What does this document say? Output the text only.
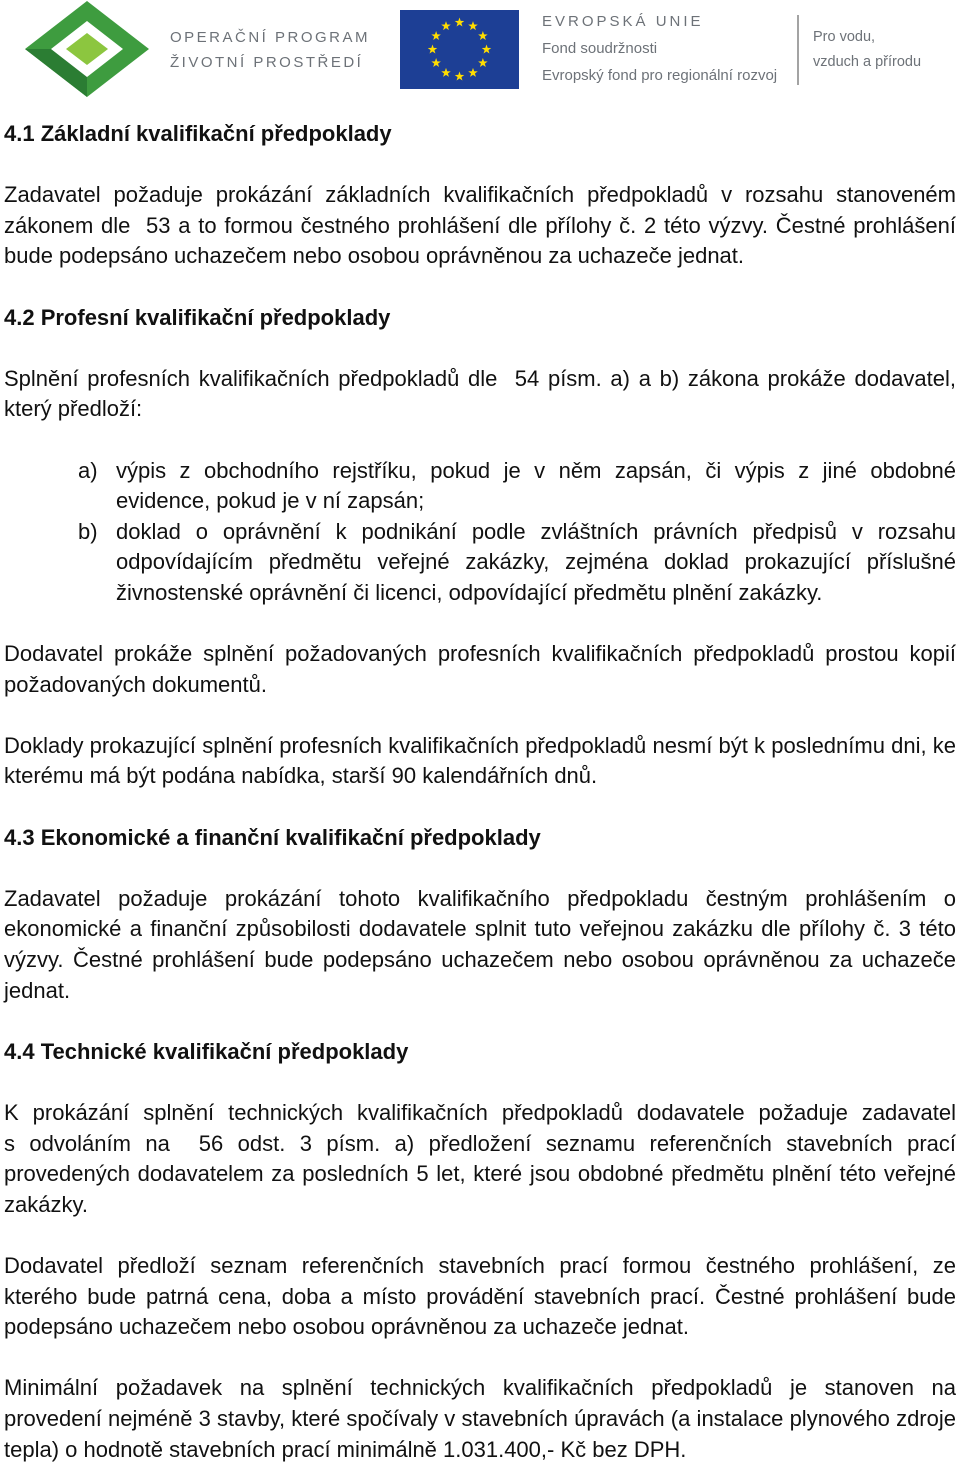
OPERAČNÍ PROGRAM
ŽIVOTNÍ PROSTŘEDÍ
EVROPSKÁ UNIE
Fond soudržnosti
Evropský fond pro regionální rozvoj
Pro vodu,
vzduch a přírodu
4.1 Základní kvalifikační předpoklady

Zadavatel požaduje prokázání základních kvalifikačních předpokladů v rozsahu stanoveném zákonem dle  53 a to formou čestného prohlášení dle přílohy č. 2 této výzvy. Čestné prohlášení bude podepsáno uchazečem nebo osobou oprávněnou za uchazeče jednat.

4.2 Profesní kvalifikační předpoklady

Splnění profesních kvalifikačních předpokladů dle  54 písm. a) a b) zákona prokáže dodavatel, který předloží:

a) výpis z obchodního rejstříku, pokud je v něm zapsán, či výpis z jiné obdobné evidence, pokud je v ní zapsán;
b) doklad o oprávnění k podnikání podle zvláštních právních předpisů v rozsahu odpovídajícím předmětu veřejné zakázky, zejména doklad prokazující příslušné živnostenské oprávnění či licenci, odpovídající předmětu plnění zakázky.

Dodavatel prokáže splnění požadovaných profesních kvalifikačních předpokladů prostou kopií požadovaných dokumentů.

Doklady prokazující splnění profesních kvalifikačních předpokladů nesmí být k poslednímu dni, ke kterému má být podána nabídka, starší 90 kalendářních dnů.

4.3 Ekonomické a finanční kvalifikační předpoklady

Zadavatel požaduje prokázání tohoto kvalifikačního předpokladu čestným prohlášením o ekonomické a finanční způsobilosti dodavatele splnit tuto veřejnou zakázku dle přílohy č. 3 této výzvy. Čestné prohlášení bude podepsáno uchazečem nebo osobou oprávněnou za uchazeče jednat.

4.4 Technické kvalifikační předpoklady

K prokázání splnění technických kvalifikačních předpokladů dodavatele požaduje zadavatel s odvoláním na  56 odst. 3 písm. a) předložení seznamu referenčních stavebních prací provedených dodavatelem za posledních 5 let, které jsou obdobné předmětu plnění této veřejné zakázky.

Dodavatel předloží seznam referenčních stavebních prací formou čestného prohlášení, ze kterého bude patrná cena, doba a místo provádění stavebních prací. Čestné prohlášení bude podepsáno uchazečem nebo osobou oprávněnou za uchazeče jednat.

Minimální požadavek na splnění technických kvalifikačních předpokladů je stanoven na provedení nejméně 3 stavby, které spočívaly v stavebních úpravách (a instalace plynového zdroje tepla) o hodnotě stavebních prací minimálně 1.031.400,- Kč bez DPH.
